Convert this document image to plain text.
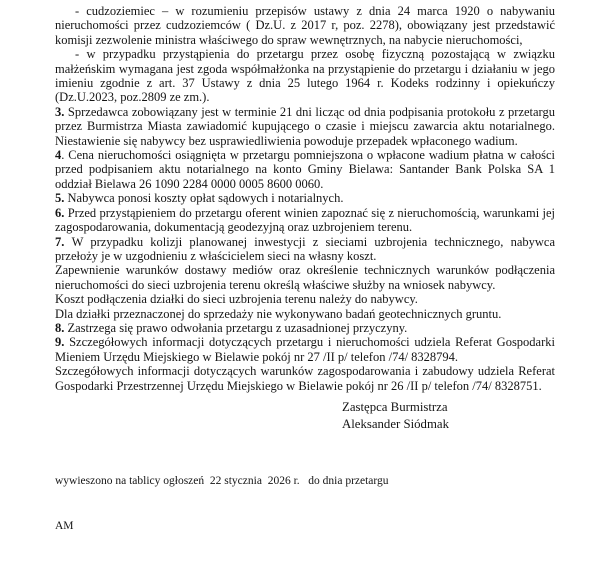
- cudzoziemiec – w rozumieniu przepisów ustawy z dnia 24 marca 1920 o nabywaniu nieruchomości przez cudzoziemców ( Dz.U. z 2017 r, poz. 2278), obowiązany jest przedstawić komisji zezwolenie ministra właściwego do spraw wewnętrznych, na nabycie nieruchomości,

- w przypadku przystąpienia do przetargu przez osobę fizyczną pozostającą w związku małżeńskim wymagana jest zgoda współmałżonka na przystąpienie do przetargu i działaniu w jego imieniu zgodnie z art. 37 Ustawy z dnia 25 lutego 1964 r. Kodeks rodzinny i opiekuńczy (Dz.U.2023, poz.2809 ze zm.).

3. Sprzedawca zobowiązany jest w terminie 21 dni licząc od dnia podpisania protokołu z przetargu przez Burmistrza Miasta zawiadomić kupującego o czasie i miejscu zawarcia aktu notarialnego. Niestawienie się nabywcy bez usprawiedliwienia powoduje przepadek wpłaconego wadium.

4. Cena nieruchomości osiągnięta w przetargu pomniejszona o wpłacone wadium płatna w całości przed podpisaniem aktu notarialnego na konto Gminy Bielawa: Santander Bank Polska SA 1 oddział Bielawa 26 1090 2284 0000 0005 8600 0060.

5. Nabywca ponosi koszty opłat sądowych i notarialnych.

6. Przed przystąpieniem do przetargu oferent winien zapoznać się z nieruchomością, warunkami jej zagospodarowania, dokumentacją geodezyjną oraz uzbrojeniem terenu.

7. W przypadku kolizji planowanej inwestycji z sieciami uzbrojenia technicznego, nabywca przełoży je w uzgodnieniu z właścicielem sieci na własny koszt.

Zapewnienie warunków dostawy mediów oraz określenie technicznych warunków podłączenia nieruchomości do sieci uzbrojenia terenu określą właściwe służby na wniosek nabywcy.

Koszt podłączenia działki do sieci uzbrojenia terenu należy do nabywcy.

Dla działki przeznaczonej do sprzedaży nie wykonywano badań geotechnicznych gruntu.

8. Zastrzega się prawo odwołania przetargu z uzasadnionej przyczyny.

9. Szczegółowych informacji dotyczących przetargu i nieruchomości udziela Referat Gospodarki Mieniem Urzędu Miejskiego w Bielawie pokój nr 27 /II p/ telefon /74/ 8328794.

Szczegółowych informacji dotyczących warunków zagospodarowania i zabudowy udziela Referat Gospodarki Przestrzennej Urzędu Miejskiego w Bielawie pokój nr 26 /II p/ telefon /74/ 8328751.

Zastępca Burmistrza
Aleksander Siódmak

wywieszono na tablicy ogłoszeń  22 stycznia  2026 r.   do dnia przetargu

AM
